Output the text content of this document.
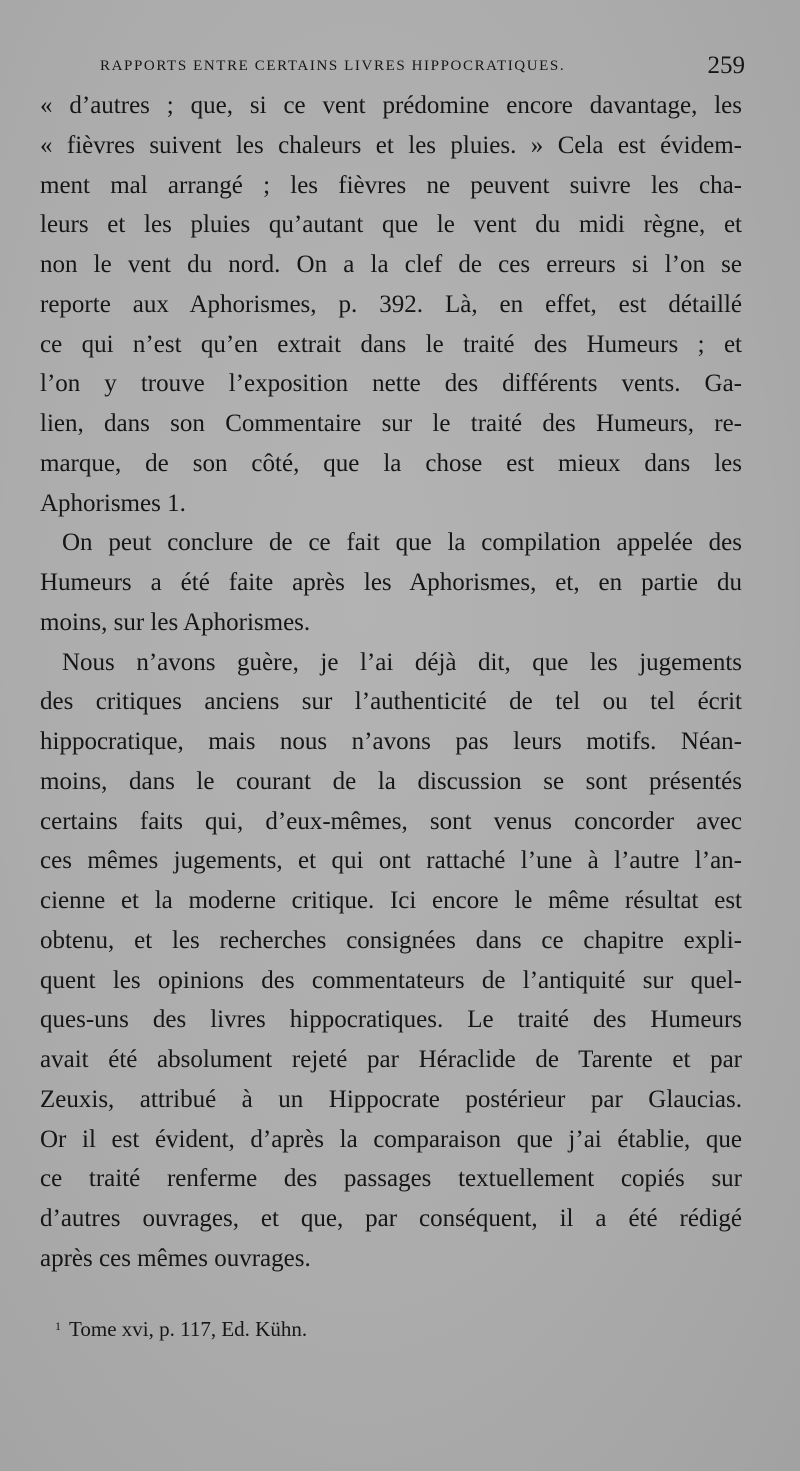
RAPPORTS ENTRE CERTAINS LIVRES HIPPOCRATIQUES.	259
« d’autres ; que, si ce vent prédomine encore davantage, les
« fièvres suivent les chaleurs et les pluies. » Cela est évidem-
ment mal arrangé ; les fièvres ne peuvent suivre les cha-
leurs et les pluies qu’autant que le vent du midi règne, et
non le vent du nord. On a la clef de ces erreurs si l’on se
reporte aux Aphorismes, p. 392. Là, en effet, est détaillé
ce qui n’est qu’en extrait dans le traité des Humeurs ; et
l’on y trouve l’exposition nette des différents vents. Ga-
lien, dans son Commentaire sur le traité des Humeurs, re-
marque, de son côté, que la chose est mieux dans les
Aphorismes 1.
On peut conclure de ce fait que la compilation appelée des
Humeurs a été faite après les Aphorismes, et, en partie du
moins, sur les Aphorismes.
Nous n’avons guère, je l’ai déjà dit, que les jugements
des critiques anciens sur l’authenticité de tel ou tel écrit
hippocratique, mais nous n’avons pas leurs motifs. Néan-
moins, dans le courant de la discussion se sont présentés
certains faits qui, d’eux-mêmes, sont venus concorder avec
ces mêmes jugements, et qui ont rattaché l’une à l’autre l’an-
cienne et la moderne critique. Ici encore le même résultat est
obtenu, et les recherches consignées dans ce chapitre expli-
quent les opinions des commentateurs de l’antiquité sur quel-
ques-uns des livres hippocratiques. Le traité des Humeurs
avait été absolument rejeté par Héraclide de Tarente et par
Zeuxis, attribué à un Hippocrate postérieur par Glaucias.
Or il est évident, d’après la comparaison que j’ai établie, que
ce traité renferme des passages textuellement copiés sur
d’autres ouvrages, et que, par conséquent, il a été rédigé
après ces mêmes ouvrages.
$^1$ Tome xvi, p. 117, Ed. Kühn.
